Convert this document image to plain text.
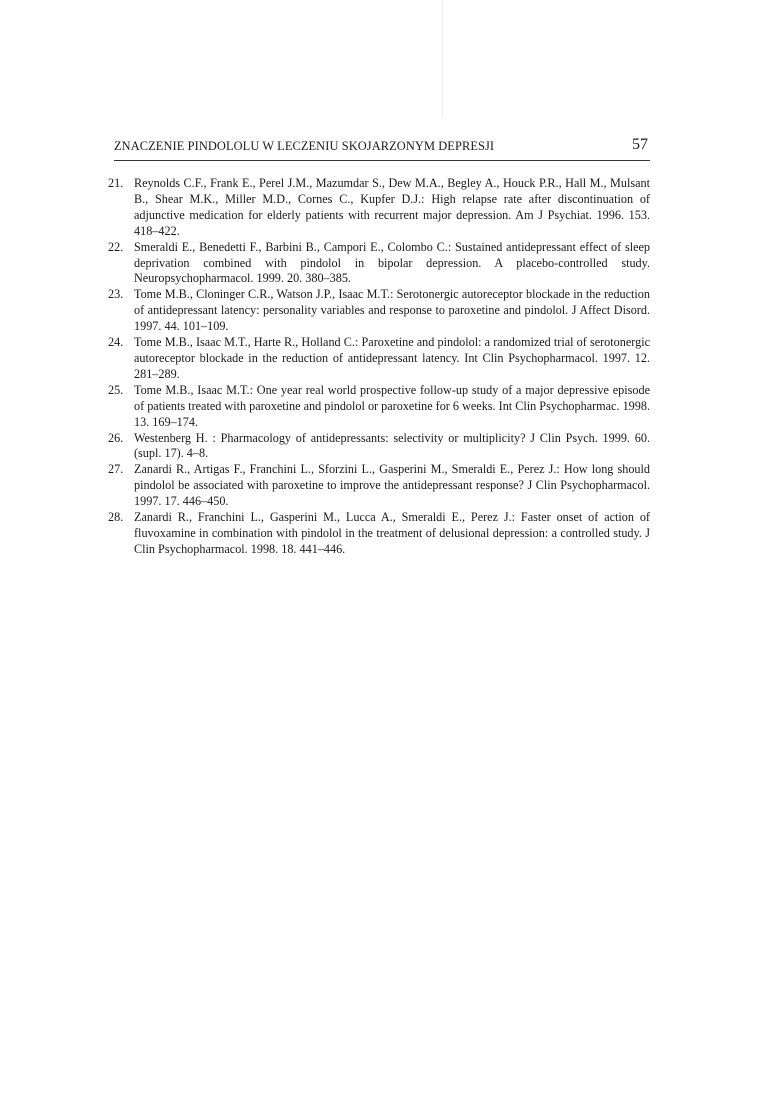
ZNACZENIE PINDOLOLU W LECZENIU SKOJARZONYM DEPRESJI	57
21. Reynolds C.F., Frank E., Perel J.M., Mazumdar S., Dew M.A., Begley A., Houck P.R., Hall M., Mulsant B., Shear M.K., Miller M.D., Cornes C., Kupfer D.J.: High relapse rate after discontinuation of adjunctive medication for elderly patients with recurrent major depression. Am J Psychiat. 1996. 153. 418–422.
22. Smeraldi E., Benedetti F., Barbini B., Campori E., Colombo C.: Sustained antidepressant effect of sleep deprivation combined with pindolol in bipolar depression. A placebo-controlled study. Neuropsychopharmacol. 1999. 20. 380–385.
23. Tome M.B., Cloninger C.R., Watson J.P., Isaac M.T.: Serotonergic autoreceptor blockade in the reduction of antidepressant latency: personality variables and response to paroxetine and pindolol. J Affect Disord. 1997. 44. 101–109.
24. Tome M.B., Isaac M.T., Harte R., Holland C.: Paroxetine and pindolol: a randomized trial of serotonergic autoreceptor blockade in the reduction of antidepressant latency. Int Clin Psychopharmacol. 1997. 12. 281–289.
25. Tome M.B., Isaac M.T.: One year real world prospective follow-up study of a major depressive episode of patients treated with paroxetine and pindolol or paroxetine for 6 weeks. Int Clin Psychopharmac. 1998. 13. 169–174.
26. Westenberg H. : Pharmacology of antidepressants: selectivity or multiplicity? J Clin Psych. 1999. 60. (supl. 17). 4–8.
27. Zanardi R., Artigas F., Franchini L., Sforzini L., Gasperini M., Smeraldi E., Perez J.: How long should pindolol be associated with paroxetine to improve the antidepressant response? J Clin Psychopharmacol. 1997. 17. 446–450.
28. Zanardi R., Franchini L., Gasperini M., Lucca A., Smeraldi E., Perez J.: Faster onset of action of fluvoxamine in combination with pindolol in the treatment of delusional depression: a controlled study. J Clin Psychopharmacol. 1998. 18. 441–446.
